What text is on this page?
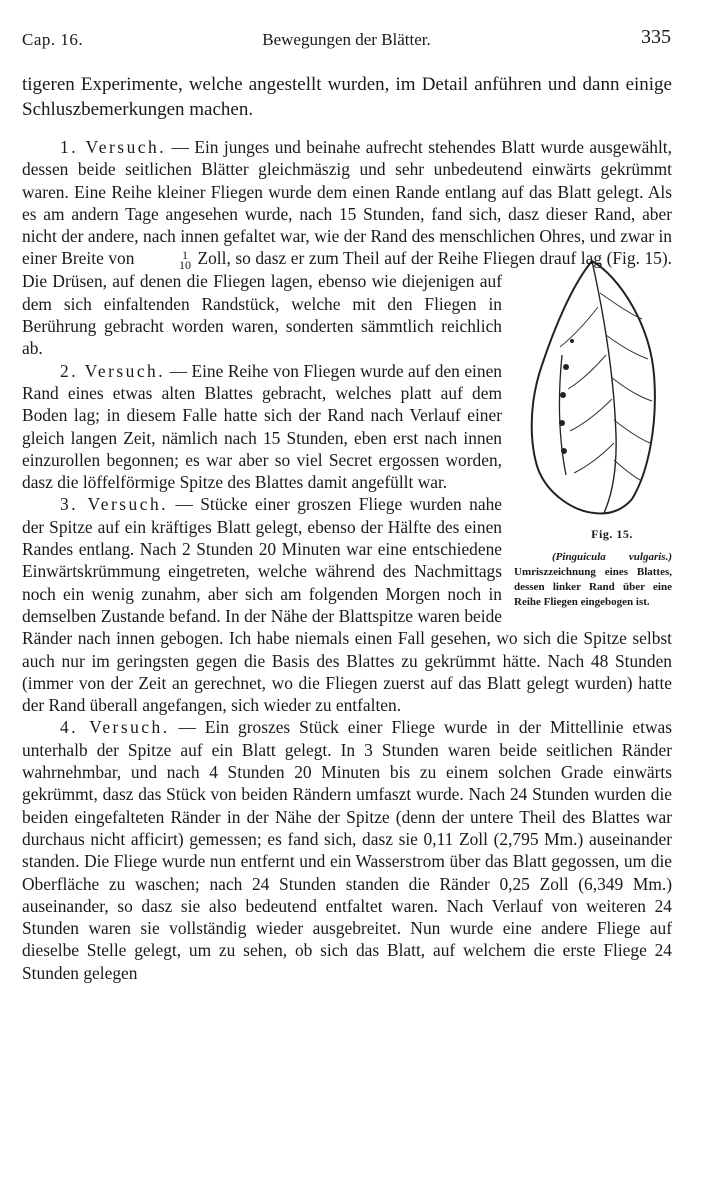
Cap. 16.	Bewegungen der Blätter.	335

tigeren Experimente, welche angestellt wurden, im Detail anführen und dann einige Schluszbemerkungen machen.

1. Versuch. — Ein junges und beinahe aufrecht stehendes Blatt wurde ausgewählt, dessen beide seitlichen Blätter gleichmäszig und sehr unbedeutend einwärts gekrümmt waren. Eine Reihe kleiner Fliegen wurde dem einen Rande entlang auf das Blatt gelegt. Als es am andern Tage angesehen wurde, nach 15 Stunden, fand sich, dasz dieser Rand, aber nicht der andere, nach innen gefaltet war, wie der Rand des menschlichen Ohres, und zwar in einer Breite von	1
10
Fig. 15.
(Pinguicula vulgaris.) Umriszzeichnung eines Blattes, dessen linker Rand über eine Reihe Fliegen eingebogen ist.
Zoll, so dasz er zum Theil auf der Reihe Fliegen drauf lag (Fig. 15). Die Drüsen, auf denen die Fliegen lagen, ebenso wie diejenigen auf dem sich einfaltenden Randstück, welche mit den Fliegen in Berührung gebracht worden waren, sonderten sämmtlich reichlich ab.

2. Versuch. — Eine Reihe von Fliegen wurde auf den einen Rand eines etwas alten Blattes gebracht, welches platt auf dem Boden lag; in diesem Falle hatte sich der Rand nach Verlauf einer gleich langen Zeit, nämlich nach 15 Stunden, eben erst nach innen einzurollen begonnen; es war aber so viel Secret ergossen worden, dasz die löffelförmige Spitze des Blattes damit angefüllt war.

3. Versuch. — Stücke einer groszen Fliege wurden nahe der Spitze auf ein kräftiges Blatt gelegt, ebenso der Hälfte des einen Randes entlang. Nach 2 Stunden 20 Minuten war eine entschiedene Einwärtskrümmung eingetreten, welche während des Nachmittags noch ein wenig zunahm, aber sich am folgenden Morgen noch in demselben Zustande befand. In der Nähe der Blattspitze waren beide Ränder nach innen gebogen. Ich habe niemals einen Fall gesehen, wo sich die Spitze selbst auch nur im geringsten gegen die Basis des Blattes zu gekrümmt hätte. Nach 48 Stunden (immer von der Zeit an gerechnet, wo die Fliegen zuerst auf das Blatt gelegt wurden) hatte der Rand überall angefangen, sich wieder zu entfalten.

4. Versuch. — Ein groszes Stück einer Fliege wurde in der Mittellinie etwas unterhalb der Spitze auf ein Blatt gelegt. In 3 Stunden waren beide seitlichen Ränder wahrnehmbar, und nach 4 Stunden 20 Minuten bis zu einem solchen Grade einwärts gekrümmt, dasz das Stück von beiden Rändern umfaszt wurde. Nach 24 Stunden wurden die beiden eingefalteten Ränder in der Nähe der Spitze (denn der untere Theil des Blattes war durchaus nicht afficirt) gemessen; es fand sich, dasz sie 0,11 Zoll (2,795 Mm.) auseinander standen. Die Fliege wurde nun entfernt und ein Wasserstrom über das Blatt gegossen, um die Oberfläche zu waschen; nach 24 Stunden standen die Ränder 0,25 Zoll (6,349 Mm.) auseinander, so dasz sie also bedeutend entfaltet waren. Nach Verlauf von weiteren 24 Stunden waren sie vollständig wieder ausgebreitet. Nun wurde eine andere Fliege auf dieselbe Stelle gelegt, um zu sehen, ob sich das Blatt, auf welchem die erste Fliege 24 Stunden gelegen
